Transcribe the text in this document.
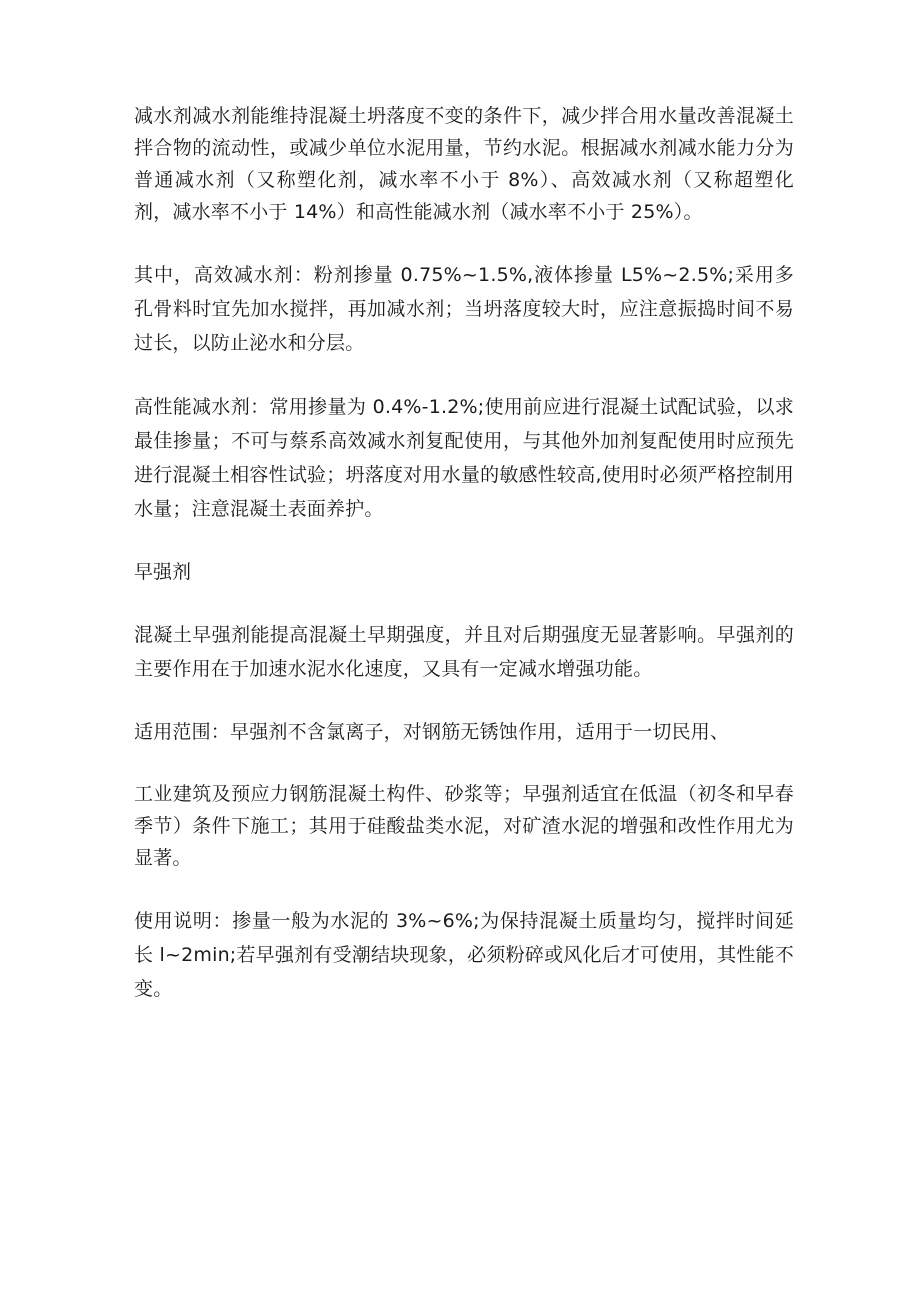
减水剂减水剂能维持混凝土坍落度不变的条件下，减少拌合用水量改善混凝土拌合物的流动性，或减少单位水泥用量，节约水泥。根据减水剂减水能力分为普通减水剂（又称塑化剂，减水率不小于 8%）、高效减水剂（又称超塑化剂，减水率不小于 14%）和高性能减水剂（减水率不小于 25%）。

其中，高效减水剂：粉剂掺量 0.75%~1.5%,液体掺量 L5%~2.5%;采用多孔骨料时宜先加水搅拌，再加减水剂；当坍落度较大时，应注意振捣时间不易过长，以防止泌水和分层。

高性能减水剂：常用掺量为 0.4%-1.2%;使用前应进行混凝土试配试验，以求最佳掺量；不可与蔡系高效减水剂复配使用，与其他外加剂复配使用时应预先进行混凝土相容性试验；坍落度对用水量的敏感性较高,使用时必须严格控制用水量；注意混凝土表面养护。

早强剂

混凝土早强剂能提高混凝土早期强度，并且对后期强度无显著影响。早强剂的主要作用在于加速水泥水化速度，又具有一定减水增强功能。

适用范围：早强剂不含氯离子，对钢筋无锈蚀作用，适用于一切民用、

工业建筑及预应力钢筋混凝土构件、砂浆等；早强剂适宜在低温（初冬和早春季节）条件下施工；其用于硅酸盐类水泥，对矿渣水泥的增强和改性作用尤为显著。

使用说明：掺量一般为水泥的 3%~6%;为保持混凝土质量均匀，搅拌时间延长 l~2min;若早强剂有受潮结块现象，必须粉碎或风化后才可使用，其性能不变。
